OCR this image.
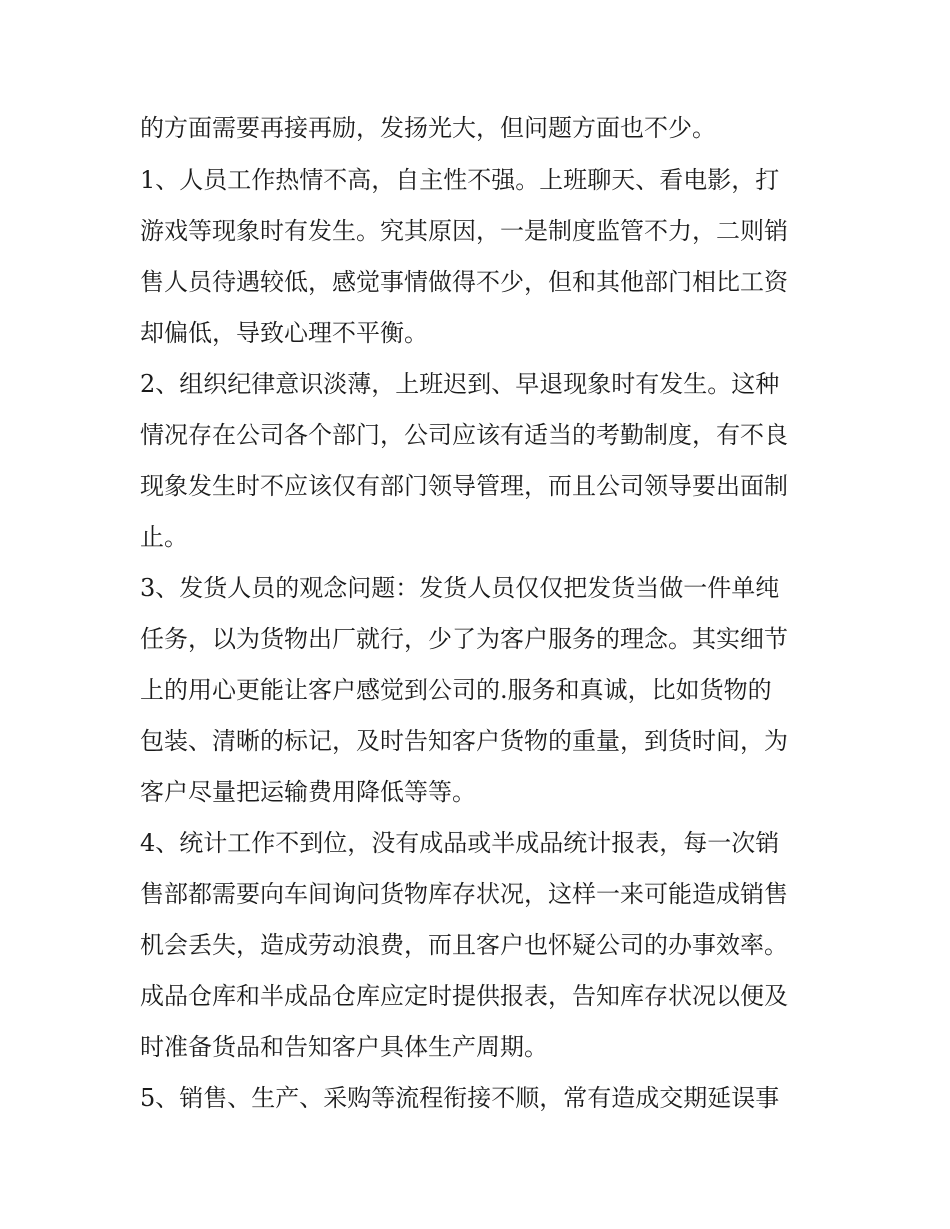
的方面需要再接再励，发扬光大，但问题方面也不少。
1、人员工作热情不高，自主性不强。上班聊天、看电影，打
游戏等现象时有发生。究其原因，一是制度监管不力，二则销
售人员待遇较低，感觉事情做得不少，但和其他部门相比工资
却偏低，导致心理不平衡。
2、组织纪律意识淡薄，上班迟到、早退现象时有发生。这种
情况存在公司各个部门，公司应该有适当的考勤制度，有不良
现象发生时不应该仅有部门领导管理，而且公司领导要出面制
止。
3、发货人员的观念问题：发货人员仅仅把发货当做一件单纯
任务，以为货物出厂就行，少了为客户服务的理念。其实细节
上的用心更能让客户感觉到公司的.服务和真诚，比如货物的
包装、清晰的标记，及时告知客户货物的重量，到货时间，为
客户尽量把运输费用降低等等。
4、统计工作不到位，没有成品或半成品统计报表，每一次销
售部都需要向车间询问货物库存状况，这样一来可能造成销售
机会丢失，造成劳动浪费，而且客户也怀疑公司的办事效率。
成品仓库和半成品仓库应定时提供报表，告知库存状况以便及
时准备货品和告知客户具体生产周期。
5、销售、生产、采购等流程衔接不顺，常有造成交期延误事
